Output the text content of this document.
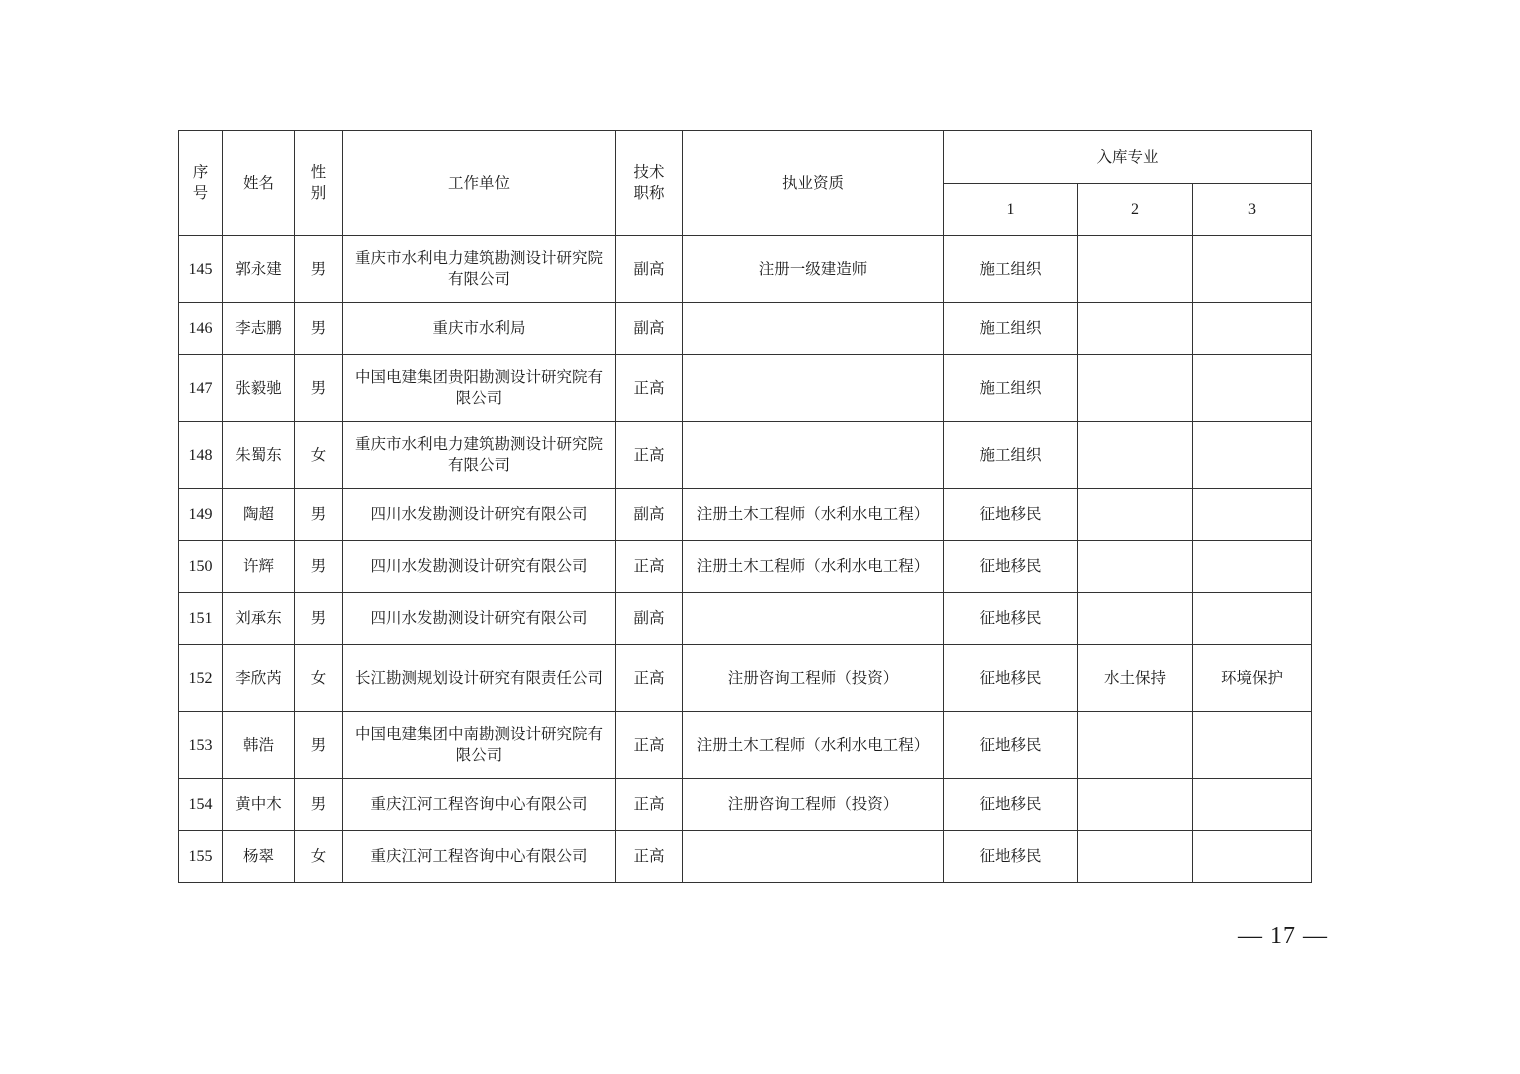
序号	姓名	性别	工作单位	技术职称	执业资质	入库专业		
						1	2	3
145	郭永建	男	重庆市水利电力建筑勘测设计研究院有限公司	副高	注册一级建造师	施工组织		
146	李志鹏	男	重庆市水利局	副高		施工组织		
147	张毅驰	男	中国电建集团贵阳勘测设计研究院有限公司	正高		施工组织		
148	朱蜀东	女	重庆市水利电力建筑勘测设计研究院有限公司	正高		施工组织		
149	陶超	男	四川水发勘测设计研究有限公司	副高	注册土木工程师（水利水电工程）	征地移民		
150	许辉	男	四川水发勘测设计研究有限公司	正高	注册土木工程师（水利水电工程）	征地移民		
151	刘承东	男	四川水发勘测设计研究有限公司	副高		征地移民		
152	李欣芮	女	长江勘测规划设计研究有限责任公司	正高	注册咨询工程师（投资）	征地移民	水土保持	环境保护
153	韩浩	男	中国电建集团中南勘测设计研究院有限公司	正高	注册土木工程师（水利水电工程）	征地移民		
154	黄中木	男	重庆江河工程咨询中心有限公司	正高	注册咨询工程师（投资）	征地移民		
155	杨翠	女	重庆江河工程咨询中心有限公司	正高		征地移民		
— 17 —
